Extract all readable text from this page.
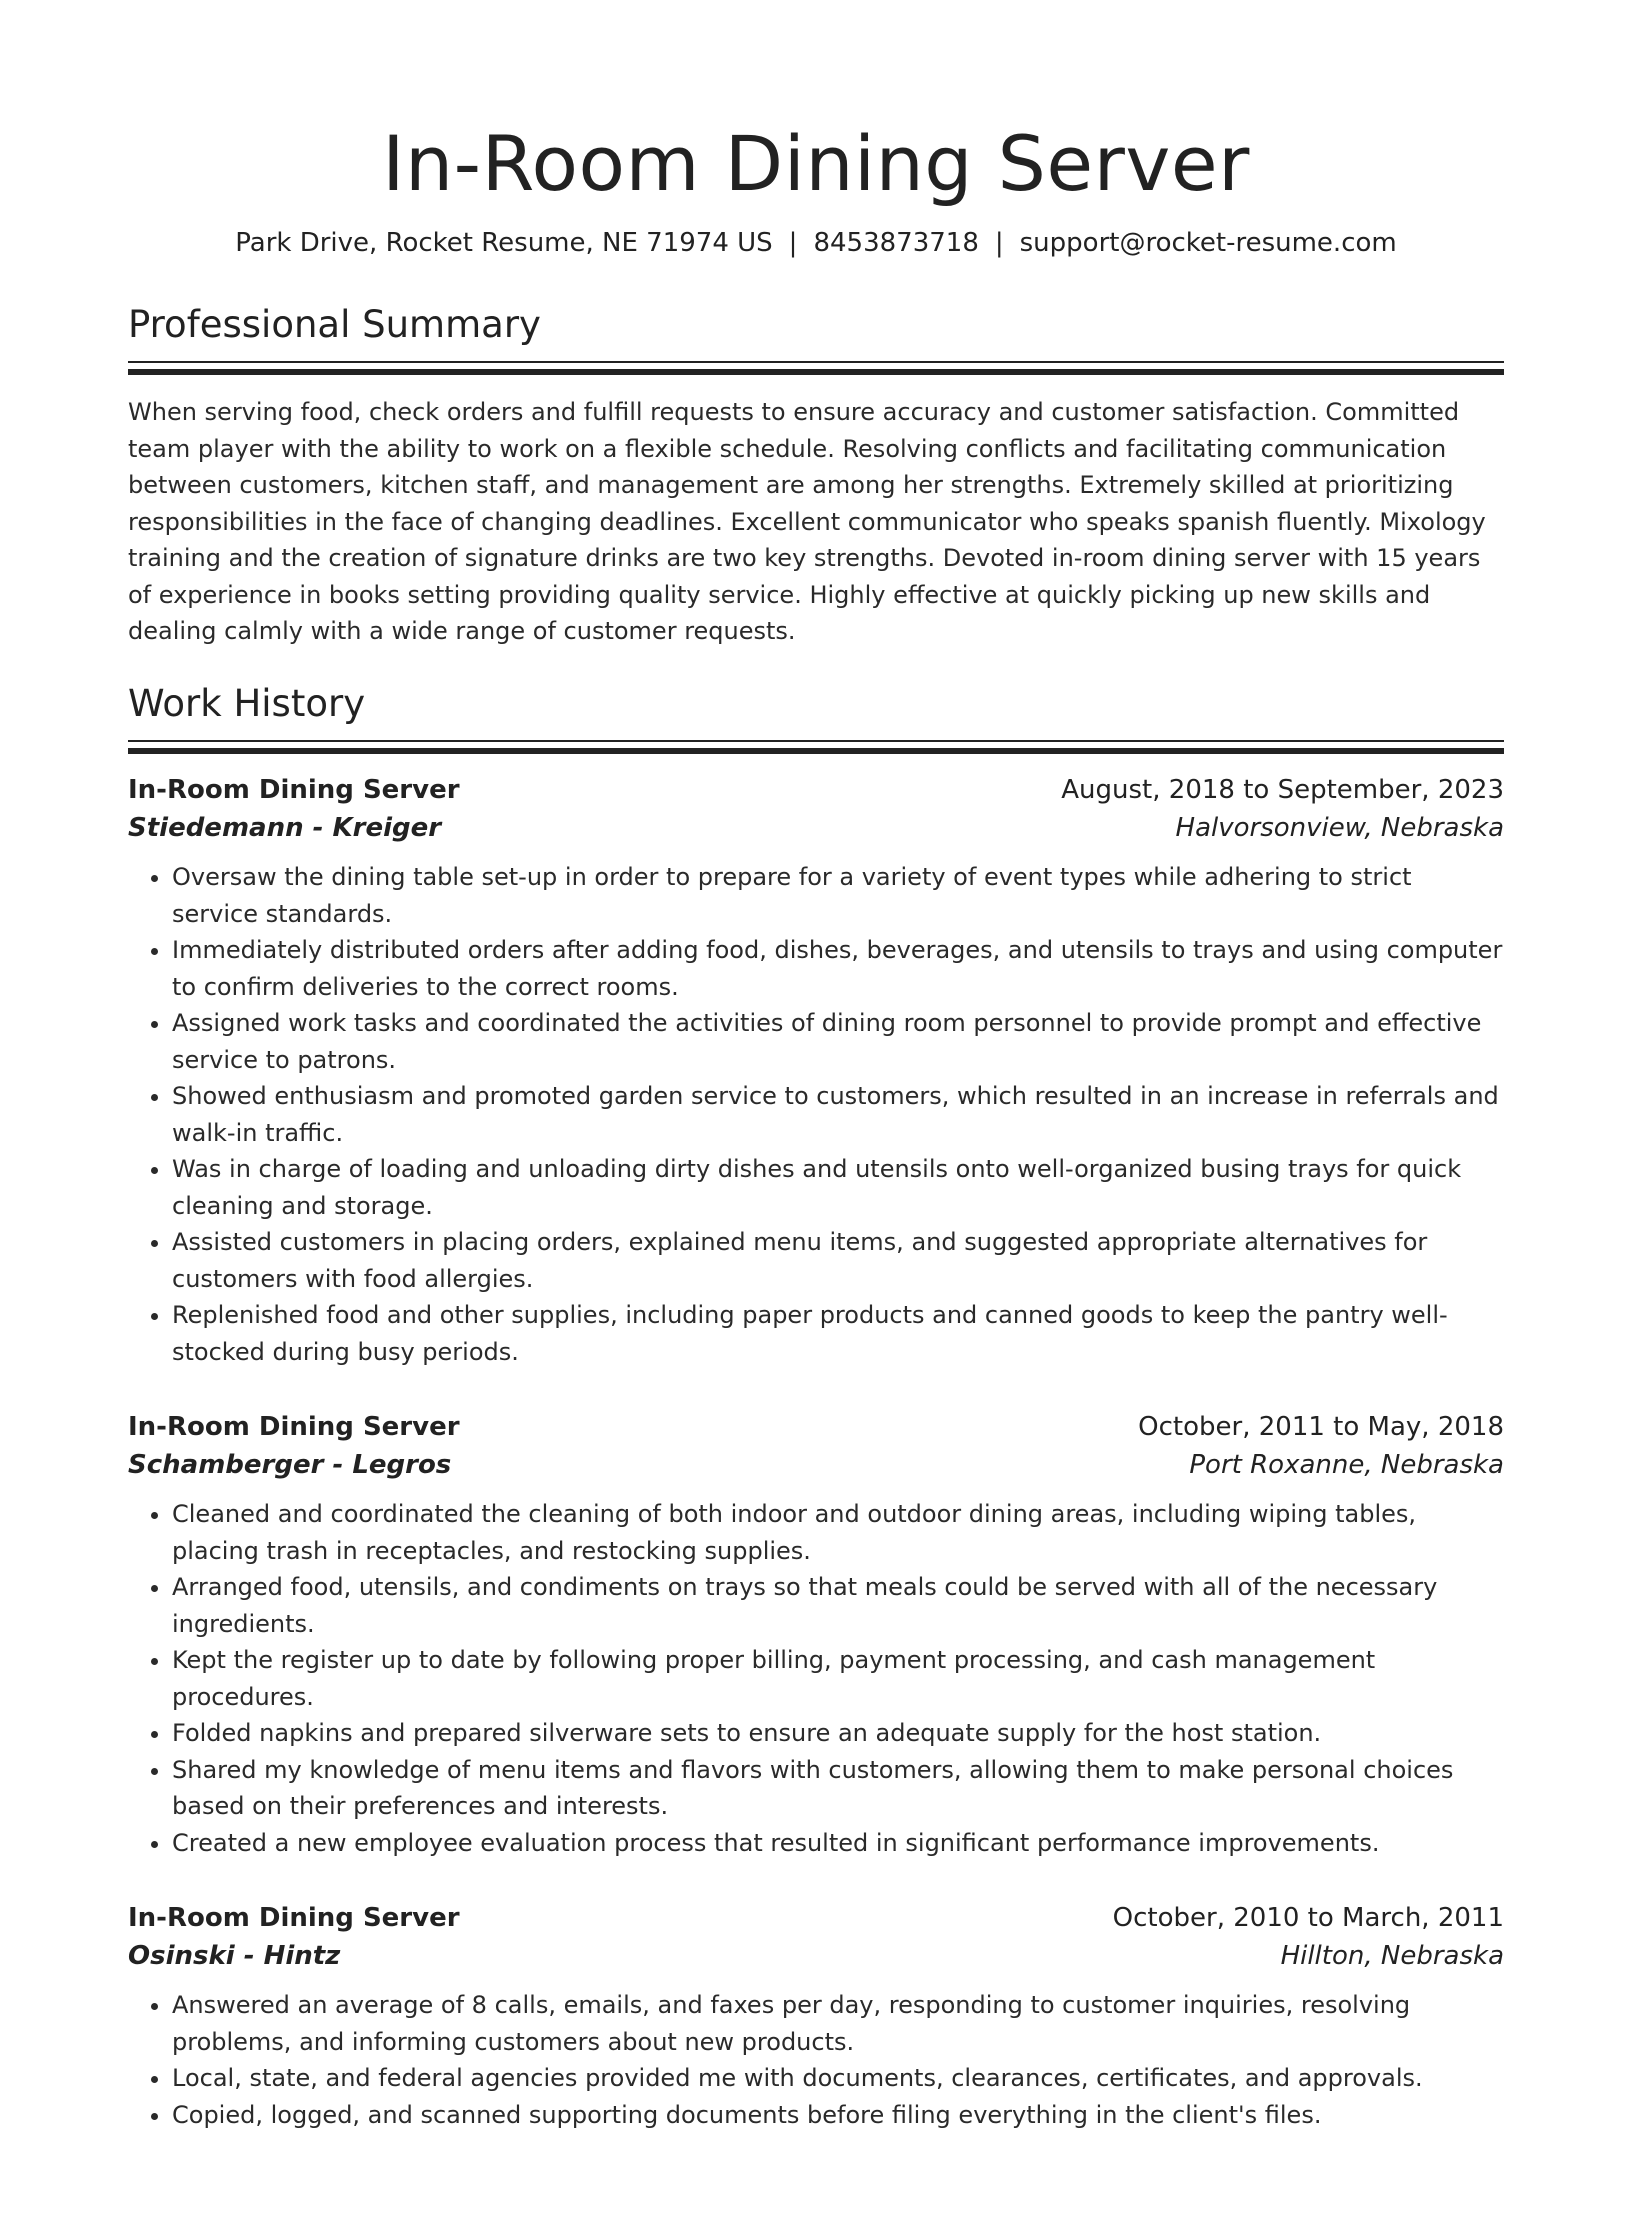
In-Room Dining Server
Park Drive, Rocket Resume, NE 71974 US | 8453873718 | support@rocket-resume.com
Professional Summary

When serving food, check orders and fulfill requests to ensure accuracy and customer satisfaction. Committed team player with the ability to work on a flexible schedule. Resolving conflicts and facilitating communication between customers, kitchen staff, and management are among her strengths. Extremely skilled at prioritizing responsibilities in the face of changing deadlines. Excellent communicator who speaks spanish fluently. Mixology training and the creation of signature drinks are two key strengths. Devoted in-room dining server with 15 years of experience in books setting providing quality service. Highly effective at quickly picking up new skills and dealing calmly with a wide range of customer requests.

Work History
In-Room Dining Server	August, 2018 to September, 2023
Stiedemann - Kreiger	Halvorsonview, Nebraska
• Oversaw the dining table set-up in order to prepare for a variety of event types while adhering to strict service standards.
• Immediately distributed orders after adding food, dishes, beverages, and utensils to trays and using computer to confirm deliveries to the correct rooms.
• Assigned work tasks and coordinated the activities of dining room personnel to provide prompt and effective service to patrons.
• Showed enthusiasm and promoted garden service to customers, which resulted in an increase in referrals and walk-in traffic.
• Was in charge of loading and unloading dirty dishes and utensils onto well-organized busing trays for quick cleaning and storage.
• Assisted customers in placing orders, explained menu items, and suggested appropriate alternatives for customers with food allergies.
• Replenished food and other supplies, including paper products and canned goods to keep the pantry well-stocked during busy periods.
In-Room Dining Server	October, 2011 to May, 2018
Schamberger - Legros	Port Roxanne, Nebraska
• Cleaned and coordinated the cleaning of both indoor and outdoor dining areas, including wiping tables, placing trash in receptacles, and restocking supplies.
• Arranged food, utensils, and condiments on trays so that meals could be served with all of the necessary ingredients.
• Kept the register up to date by following proper billing, payment processing, and cash management procedures.
• Folded napkins and prepared silverware sets to ensure an adequate supply for the host station.
• Shared my knowledge of menu items and flavors with customers, allowing them to make personal choices based on their preferences and interests.
• Created a new employee evaluation process that resulted in significant performance improvements.
In-Room Dining Server	October, 2010 to March, 2011
Osinski - Hintz	Hillton, Nebraska
• Answered an average of 8 calls, emails, and faxes per day, responding to customer inquiries, resolving problems, and informing customers about new products.
• Local, state, and federal agencies provided me with documents, clearances, certificates, and approvals.
• Copied, logged, and scanned supporting documents before filing everything in the client's files.
